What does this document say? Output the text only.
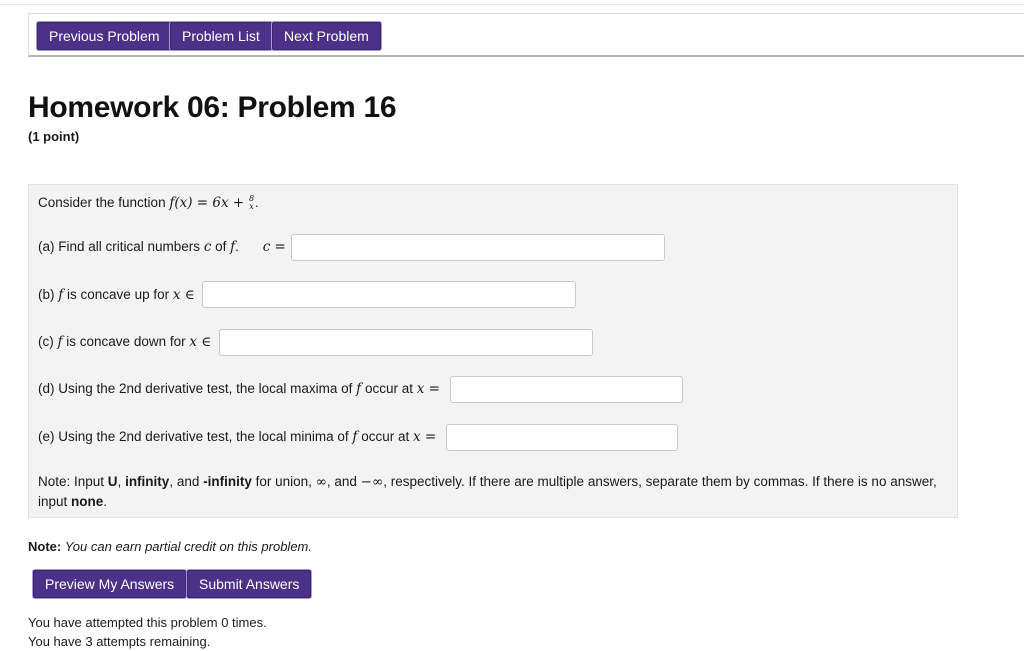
Previous Problem	Problem List	Next Problem
Homework 06: Problem 16
(1 point)
Consider the function f(x) = 6x + 8
x .
(a) Find all critical numbers c of f. c =
(b) f is concave up for x ∈
(c) f is concave down for x ∈
(d) Using the 2nd derivative test, the local maxima of f occur at x =
(e) Using the 2nd derivative test, the local minima of f occur at x =
Note: Input U, infinity, and -infinity for union, ∞, and −∞, respectively. If there are multiple answers, separate them by commas. If there is no answer, input none.
Note: You can earn partial credit on this problem.
Preview My Answers	Submit Answers
You have attempted this problem 0 times.
You have 3 attempts remaining.
